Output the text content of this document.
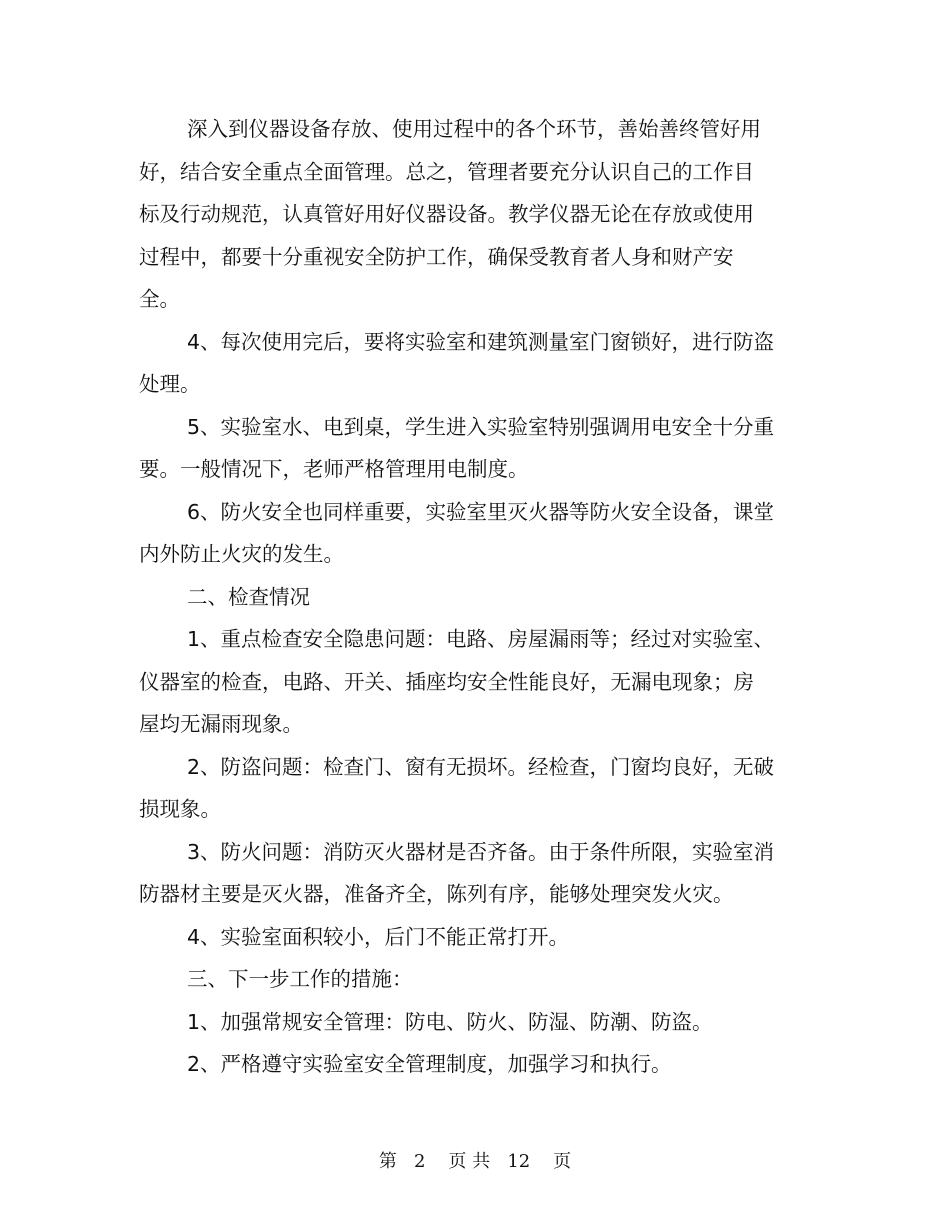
深入到仪器设备存放、使用过程中的各个环节，善始善终管好用
好，结合安全重点全面管理。总之，管理者要充分认识自己的工作目
标及行动规范，认真管好用好仪器设备。教学仪器无论在存放或使用
过程中，都要十分重视安全防护工作，确保受教育者人身和财产安
全。
4、每次使用完后，要将实验室和建筑测量室门窗锁好，进行防盗
处理。
5、实验室水、电到桌，学生进入实验室特别强调用电安全十分重
要。一般情况下，老师严格管理用电制度。
6、防火安全也同样重要，实验室里灭火器等防火安全设备，课堂
内外防止火灾的发生。
二、检查情况
1、重点检查安全隐患问题：电路、房屋漏雨等；经过对实验室、
仪器室的检查，电路、开关、插座均安全性能良好，无漏电现象；房
屋均无漏雨现象。
2、防盗问题：检查门、窗有无损坏。经检查，门窗均良好，无破
损现象。
3、防火问题：消防灭火器材是否齐备。由于条件所限，实验室消
防器材主要是灭火器，准备齐全，陈列有序，能够处理突发火灾。
4、实验室面积较小，后门不能正常打开。
三、下一步工作的措施：
1、加强常规安全管理：防电、防火、防湿、防潮、防盗。
2、严格遵守实验室安全管理制度，加强学习和执行。
第 2 页 共 12 页
